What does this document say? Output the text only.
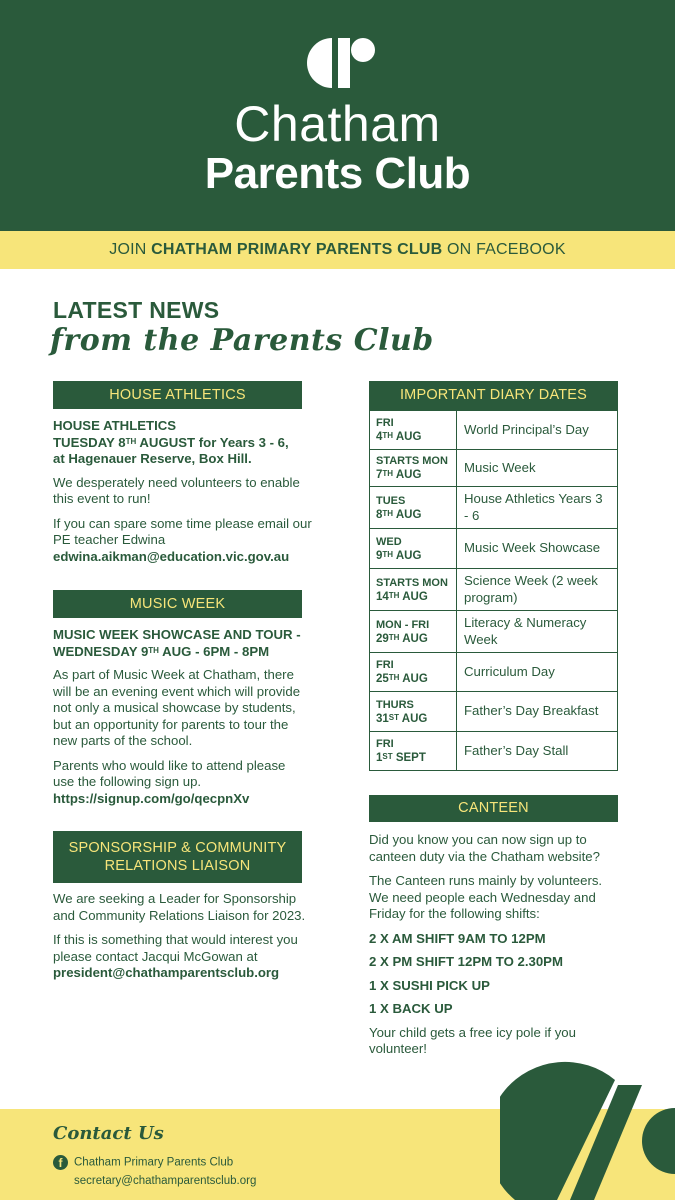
Chatham
Parents Club
JOIN CHATHAM PRIMARY PARENTS CLUB ON FACEBOOK
LATEST NEWS
from the Parents Club
HOUSE ATHLETICS

HOUSE ATHLETICS
TUESDAY 8TH AUGUST for Years 3 - 6,
at Hagenauer Reserve, Box Hill.

We desperately need volunteers to enable this event to run!

If you can spare some time please email our PE teacher Edwina

edwina.aikman@education.vic.gov.au
MUSIC WEEK

MUSIC WEEK SHOWCASE AND TOUR -
WEDNESDAY 9TH AUG - 6PM - 8PM

As part of Music Week at Chatham, there will be an evening event which will provide not only a musical showcase by students, but an opportunity for parents to tour the new parts of the school.

Parents who would like to attend please use the following sign up.

https://signup.com/go/qecpnXv
SPONSORSHIP & COMMUNITY
RELATIONS LIAISON

We are seeking a Leader for Sponsorship and Community Relations Liaison for 2023.

If this is something that would interest you please contact Jacqui McGowan at

president@chathamparentsclub.org
IMPORTANT DIARY DATES
FRI
4TH AUG	World Principal’s Day
STARTS MON
7TH AUG	Music Week
TUES
8TH AUG	House Athletics Years 3 - 6
WED
9TH AUG	Music Week Showcase
STARTS MON
14TH AUG	Science Week (2 week program)
MON - FRI
29TH AUG	Literacy & Numeracy Week
FRI
25TH AUG	Curriculum Day
THURS
31ST AUG	Father’s Day Breakfast
FRI
1ST SEPT	Father’s Day Stall
CANTEEN

Did you know you can now sign up to canteen duty via the Chatham website?

The Canteen runs mainly by volunteers. We need people each Wednesday and Friday for the following shifts:

2 X AM SHIFT 9AM TO 12PM

2 X PM SHIFT 12PM TO 2.30PM

1 X SUSHI PICK UP

1 X BACK UP

Your child gets a free icy pole if you volunteer!

Contact Us
f Chatham Primary Parents Club
secretary@chathamparentsclub.org
